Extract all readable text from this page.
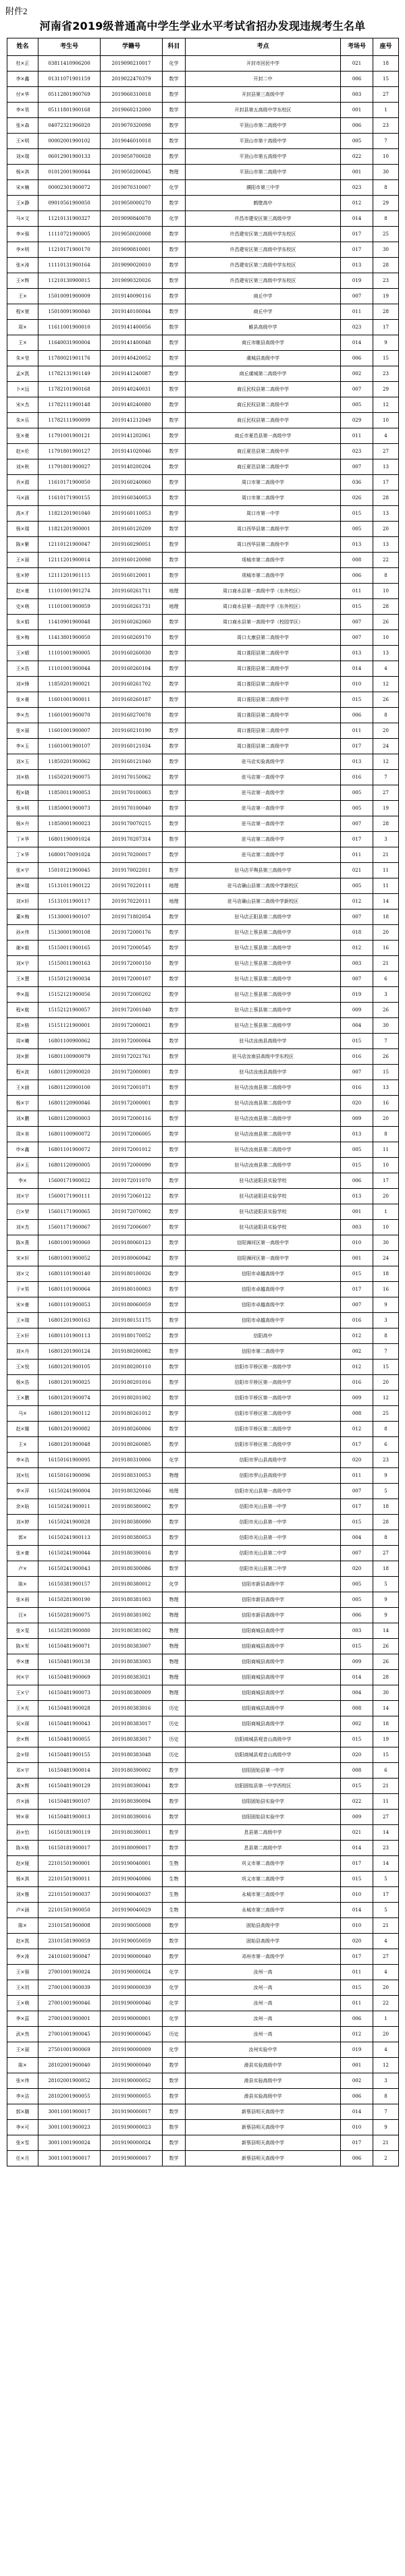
附件2
河南省2019级普通高中学生学业水平考试省招办发现违规考生名单
姓名	考生号	学籍号	科目	考点	考场号	座号
杜×正	03811410906200	2019090210017	化学	开封市回民中学	021	18
李×鑫	01311071901159	2019022470379	数学	开封二中	006	15
付×华	05112801900769	2019060310018	数学	开封县第三高级中学	003	27
李×昊	05111801900168	2019060212000	数学	开封县第五高级中学东校区	001	1
张×森	04072321906020	2019070320098	数学	平顶山市第二高级中学	006	23
王×明	00002001900102	2019046010018	数学	平顶山市第十高级中学	005	7
刘×瑞	06012901900133	2019050700028	数学	平顶山市第五高级中学	022	10
杨×淇	01012001900044	2019050200045	物理	平顶山市第二高级中学	001	30
宋×楠	00002301900072	2019070310007	化学	濮阳市第三中学	023	8
王×静	09010561900050	2019050000270	数学	鹤壁高中	012	29
马×文	11210131900327	2019090840078	化学	许昌市建安区第三高级中学	014	8
李×强	11110721900005	2019050020008	数学	许昌建安区第三高级中学东校区	017	25
李×明	11210171900170	2019090810001	数学	许昌建安区第三高级中学东校区	017	30
张×涛	11110131900164	2019090020010	数学	许昌建安区第三高级中学东校区	013	28
王×辉	11210130900015	2019090320026	数学	许昌建安区第三高级中学东校区	019	23
王×	15010091900009	2019140090116	数学	商丘中学	007	19
程×萱	15010091900040	2019140100044	数学	商丘中学	011	28
周×	11611001900010	2019141400056	数学	睢县高级中学	023	17
王×	11640031900004	2019141400048	数学	商丘市睢县高级中学	014	9
朱×莹	11780021901176	2019140420052	数学	虞城县高级中学	006	15
孟×凯	11782131901149	2019141240087	数学	商丘虞城第二高级中学	002	23
卜×远	11782101900168	2019140240031	数学	商丘民权县第二高级中学	007	29
宋×杰	11782111900148	2019140240080	数学	商丘民权县第二高级中学	005	12
朱×乐	11782111900099	2019141212049	数学	商丘民权县第二高级中学	029	10
张×豪	11791001900121	2019141202061	数学	商丘市夏邑县第一高级中学	011	4
赵×伦	11791801900127	2019141020046	数学	商丘夏邑县第二高级中学	023	27
刘×秋	11791801900027	2019140200204	数学	商丘夏邑县第二高级中学	007	13
肖×源	11610171900050	2019160240060	数学	周口市第二高级中学	036	17
马×涵	11610171900155	2019160340053	数学	周口市第二高级中学	026	28
高×才	11821201901040	2019160110053	数学	周口市第一中学	015	13
杨×瑞	11821201900001	2019160120209	数学	周口西华县第二高级中学	005	20
陈×紫	12110121900047	2019160290051	数学	周口西华县第二高级中学	013	13
王×丽	12111201900014	2019160120098	数学	项城市第二高级中学	008	22
张×婷	12111201901115	2019160120011	数学	项城市第二高级中学	006	8
赵×豪	11101001901274	2019160261711	地理	周口商水县第一高级中学（东外校区）	011	10
史×萌	11101001900059	2019160261731	地理	周口商水县第一高级中学（东外校区）	015	28
朱×娟	11410901900048	2019160262060	数学	周口商水县第一高级中学（校园学区）	007	26
张×梅	11413801900050	2019160269170	数学	周口太康县第二高级中学	007	10
王×晴	11101001900005	2019160260030	数学	周口淮阳县第二高级中学	013	13
王×浩	11101001900044	2019160260104	数学	周口淮阳县第二高级中学	014	4
刘×锋	11850201900021	2019160261702	数学	周口淮阳县第二高级中学	010	12
张×豪	11601001900011	2019160260187	数学	周口淮阳县第二高级中学	015	26
李×杰	11601001900070	2019160270078	数学	周口淮阳县第二高级中学	006	8
张×丽	11601001900007	2019160210190	数学	周口淮阳县第二高级中学	011	20
李×玉	11601001900107	2019160121034	数学	周口淮阳县第二高级中学	017	24
刘×玉	11850201900062	2019160121040	数学	驻马店实验高级中学	013	12
刘×格	11650201900075	2019170150062	数学	驻马店第一高级中学	016	7
程×晓	11850011900053	2019170100003	数学	驻马店第一高级中学	005	27
张×明	11850001900073	2019170100040	数学	驻马店第一高级中学	005	19
杨×卉	11850001900023	2019170070215	数学	驻马店第一高级中学	007	28
丁×华	16801190091024	2019170207314	数学	驻马店第二高级中学	017	3
丁×华	16800170091024	2019170200017	数学	驻马店第二高级中学	011	21
张×宇	15010121900045	2019170022011	数学	驻马店平舆县第三高级中学	021	11
唐×瑞	15131011900122	2019170220111	地理	驻马店确山县第二高级中学新校区	005	11
刘×轩	15131011900117	2019170220111	地理	驻马店确山县第二高级中学新校区	012	14
董×梅	15130001900107	2019171802054	数学	驻马店正阳县第二高级中学	007	18
孙×伟	15130001900108	2019172000176	数学	驻马店上蔡县第二高级中学	018	20
谢×毅	15150011900165	2019172000545	数学	驻马店上蔡县第二高级中学	012	16
刘×宇	15150011900163	2019172000150	数学	驻马店上蔡县第二高级中学	003	21
王×慧	15150121900034	2019172000107	数学	驻马店上蔡县第二高级中学	007	6
李×磊	15152121900056	2019172000202	数学	驻马店上蔡县第二高级中学	019	3
程×航	15152121900057	2019172001040	数学	驻马店上蔡县第二高级中学	009	26
郑×格	15151121900001	2019172000021	数学	驻马店上蔡县第二高级中学	004	30
周×曦	16801100900062	2019172000064	数学	驻马店汝南县高级中学	015	7
刘×新	16801100900079	2019172021761	数学	驻马店汝南县高级中学东校区	016	26
程×波	16801120900020	2019172000001	数学	驻马店汝南县高级中学	007	15
王×涵	16801120900100	2019172001071	数学	驻马店汝南县第二高级中学	016	13
杨×宇	16801120900046	2019172000001	数学	驻马店汝南县第二高级中学	020	16
刘×鹏	16801120900003	2019172000116	数学	驻马店汝南县第二高级中学	009	20
周×美	16801100900072	2019172006005	数学	驻马店汝南县第二高级中学	013	8
申×鑫	16801101900072	2019172001012	数学	驻马店汝南县第二高级中学	005	11
孙×玉	16801120900005	2019172000090	数学	驻马店汝南县第二高级中学	015	10
李×	15600171900022	2019172011070	数学	驻马店泌阳县实验学校	006	17
刘×宇	15600171900111	2019172060122	数学	驻马店泌阳县实验学校	013	20
白×荣	15601171900065	2019172070002	数学	驻马店泌阳县实验学校	001	1
刘×杰	15601171900067	2019172006007	数学	驻马店泌阳县实验学校	003	10
陈×燕	16801001900060	2019180060123	数学	信阳浉河区第一高级中学	010	30
宋×轩	16801001900052	2019180060042	数学	信阳浉河区第一高级中学	001	24
刘×文	16801101900140	2019180100026	数学	信阳市卓越高级中学	015	18
于×男	16801101900064	2019180100003	数学	信阳市卓越高级中学	017	16
宋×豪	16801101900053	2019180060059	数学	信阳市卓越高级中学	007	9
王×瑞	16801201900163	2019180151175	数学	信阳市卓越高级中学	016	3
王×轩	16801101900113	2019180170052	数学	信阳高中	012	8
刘×丹	16801201900124	2019180200082	数学	信阳市第二高级中学	002	7
王×悦	16801201900105	2019180200110	数学	信阳市平桥区第一高级中学	012	15
杨×浩	16801201900025	2019180201016	数学	信阳市平桥区第一高级中学	016	20
王×鹏	16801201900074	2019180201002	数学	信阳市平桥区第一高级中学	009	12
马×	16801201900112	2019180261012	数学	信阳市平桥区第二高级中学	008	25
赵×娜	16801201900082	2019180260006	数学	信阳市平桥区第二高级中学	012	8
王×	16801201900048	2019180260085	数学	信阳市平桥区第二高级中学	017	6
李×浩	16150161900095	2019180310006	化学	信阳市罗山县高级中学	020	23
刘×钰	16150161900096	2019180310053	物理	信阳市罗山县高级中学	011	9
李×萍	16150241900004	2019180320046	地理	信阳市光山县第一高级中学	007	5
余×晗	16150241900011	2019180380002	数学	信阳市光山县第一中学	017	18
刘×婷	16150241900028	2019180380090	数学	信阳市光山县第一中学	015	28
郭×	16150241900113	2019180380053	数学	信阳市光山县第一中学	004	8
张×豪	16150241900044	2019180390016	数学	信阳市光山县第二中学	007	27
卢×	16150241900043	2019180300086	数学	信阳市光山县第二中学	020	18
陈×	16150381900157	2019180380012	化学	信阳市新县高级中学	005	5
张×雨	16150281900190	2019180381003	物理	信阳市新县高级中学	005	9
汪×	16150281900075	2019180381002	物理	信阳市新县高级中学	006	9
张×雯	16150281900080	2019180381002	物理	信阳商城县高级中学	003	14
陈×军	16150481900071	2019180383007	物理	信阳商城县高级中学	015	26
李×康	16150481900138	2019180383003	物理	信阳商城县高级中学	009	26
何×宇	16150481900069	2019180383021	物理	信阳商城县高级中学	014	28
王×宁	16150481900073	2019180380009	物理	信阳商城县高级中学	004	30
王×光	16150481900028	2019180383016	历史	信阳商城县高级中学	008	14
吴×琛	16150481900043	2019180383017	历史	信阳商城县高级中学	002	18
余×辉	16150481900055	2019180383017	历史	信阳商城县观音山高级中学	015	19
金×铎	16150481900155	2019180383048	历史	信阳商城县观音山高级中学	020	15
邓×宇	16150481900014	2019180390002	数学	信阳固始县第一中学	008	6
龚×辉	16150481900129	2019180390041	数学	信阳固始县第一中学西校区	015	21
许×涵	16150481900107	2019180390094	数学	信阳固始县实验中学	022	11
钟×章	16150481900013	2019180390016	数学	信阳固始县实验中学	009	27
孙×怡	16150181900119	2019180390011	数学	息县第二高级中学	021	14
陈×格	16150181900017	2019180090017	数学	息县第二高级中学	014	23
赵×娅	22101501900001	2019190040001	生物	巩义市第二高级中学	017	14
杨×淇	22101501900011	2019190040006	生物	巩义市第二高级中学	015	5
刘×雅	22101501900037	2019190040037	生物	永城市第三高级中学	010	17
卢×涵	22101501900050	2019190040029	生物	永城市第三高级中学	014	5
陈×	23101581900008	2019190050008	数学	固始县高级中学	010	21
赵×凯	23101581900059	2019190050059	数学	固始县高级中学	020	4
李×涛	24101601900047	2019190000040	数学	邓州市第一高级中学	017	27
王×强	27001001900024	2019190000024	化学	汝州一高	011	4
王×玥	27001001900039	2019190000039	化学	汝州一高	015	20
王×萌	27001001900046	2019190000046	化学	汝州一高	011	22
李×蕊	27001001900001	2019190000001	化学	汝州一高	006	1
武×然	27001001900045	2019190000045	历史	汝州一高	012	20
王×丽	27501001900069	2019190000009	化学	汝州实验中学	019	4
陈×	28102001900040	2019190000040	数学	滑县实验高级中学	001	12
张×伟	28102001900052	2019190000052	数学	滑县实验高级中学	002	3
李×洁	28102001900055	2019190000055	数学	滑县实验高级中学	006	8
郭×璐	30011001900017	2019190000017	数学	新蔡县明天高级中学	014	7
李×可	30011001900023	2019190000023	数学	新蔡县明天高级中学	010	9
张×雪	30011001900024	2019190000024	数学	新蔡县明天高级中学	017	21
任×月	30011001900017	2019190000017	数学	新蔡县明天高级中学	006	2
